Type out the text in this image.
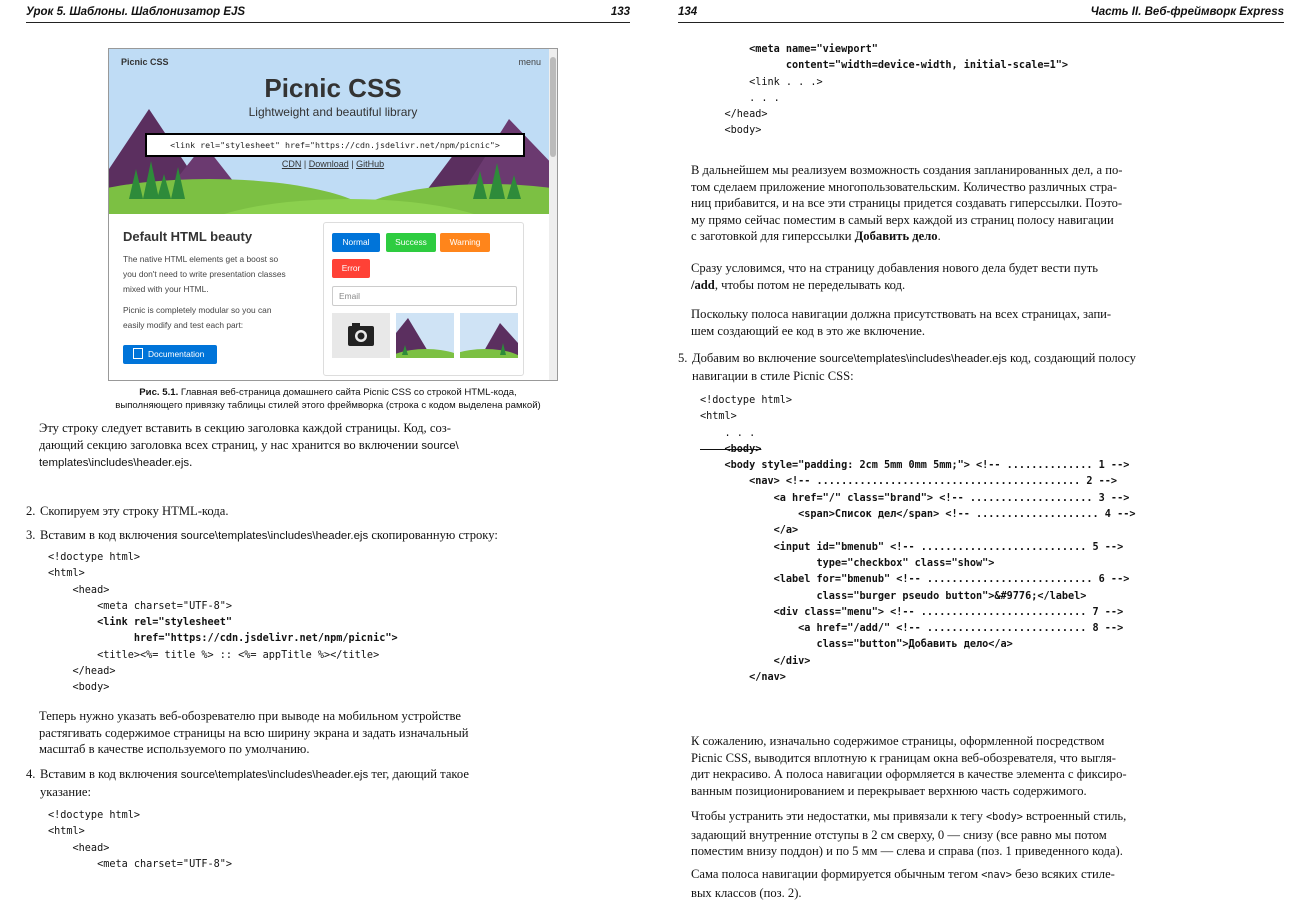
Урок 5. Шаблоны. Шаблонизатор EJS	133
Picnic CSS	menu
Picnic CSS
Lightweight and beautiful library
<link rel="stylesheet" href="https://cdn.jsdelivr.net/npm/picnic">
CDN | Download | GitHub
Default HTML beauty
The native HTML elements get a boost so
you don't need to write presentation classes
mixed with your HTML.
Picnic is completely modular so you can
easily modify and test each part:
Documentation
Normal	Success	Warning
Error
Email
Рис. 5.1. Главная веб-страница домашнего сайта Picnic CSS со строкой HTML-кода,
выполняющего привязку таблицы стилей этого фреймворка (строка с кодом выделена рамкой)

Эту строку следует вставить в секцию заголовка каждой страницы. Код, соз-

дающий секцию заголовка всех страниц, у нас хранится во включении source\

templates\includes\header.ejs.

2. Скопируем эту строку HTML-кода.
3. Вставим в код включения source\templates\includes\header.ejs скопированную строку:
<!doctype html>
<html>
<head>
<meta charset="UTF-8">
<link rel="stylesheet"
href="https://cdn.jsdelivr.net/npm/picnic">
<title><%= title %> :: <%= appTitle %></title>
</head>
<body>

Теперь нужно указать веб-обозревателю при выводе на мобильном устройстве

растягивать содержимое страницы на всю ширину экрана и задать изначальный

масштаб в качестве используемого по умолчанию.

4. Вставим в код включения source\templates\includes\header.ejs тег, дающий такое
указание:
<!doctype html>
<html>
<head>
<meta charset="UTF-8">
134	Часть II. Веб-фреймворк Express
<meta name="viewport"
content="width=device-width, initial-scale=1">
<link . . .>
. . .
</head>
<body>

В дальнейшем мы реализуем возможность создания запланированных дел, а по-

том сделаем приложение многопользовательским. Количество различных стра-

ниц прибавится, и на все эти страницы придется создавать гиперссылки. Поэто-

му прямо сейчас поместим в самый верх каждой из страниц полосу навигации

с заготовкой для гиперссылки Добавить дело.

Сразу условимся, что на страницу добавления нового дела будет вести путь

/add, чтобы потом не переделывать код.

Поскольку полоса навигации должна присутствовать на всех страницах, запи-

шем создающий ее код в это же включение.

5. Добавим во включение source\templates\includes\header.ejs код, создающий полосу
навигации в стиле Picnic CSS:
<!doctype html>
<html>
. . .
<body>
<body style="padding: 2cm 5mm 0mm 5mm;"> <!-- .............. 1 -->
<nav> <!-- ........................................... 2 -->
<a href="/" class="brand"> <!-- .................... 3 -->
<span>Список дел</span> <!-- .................... 4 -->
</a>
<input id="bmenub" <!-- ........................... 5 -->
type="checkbox" class="show">
<label for="bmenub" <!-- ........................... 6 -->
class="burger pseudo button">&#9776;</label>
<div class="menu"> <!-- ........................... 7 -->
<a href="/add/" <!-- .......................... 8 -->
class="button">Добавить дело</a>
</div>
</nav>

К сожалению, изначально содержимое страницы, оформленной посредством

Picnic CSS, выводится вплотную к границам окна веб-обозревателя, что выгля-

дит некрасиво. А полоса навигации оформляется в качестве элемента с фиксиро-

ванным позиционированием и перекрывает верхнюю часть содержимого.

Чтобы устранить эти недостатки, мы привязали к тегу <body> встроенный стиль,

задающий внутренние отступы в 2 см сверху, 0 — снизу (все равно мы потом

поместим внизу поддон) и по 5 мм — слева и справа (поз. 1 приведенного кода).

Сама полоса навигации формируется обычным тегом <nav> безо всяких стиле-

вых классов (поз. 2).
